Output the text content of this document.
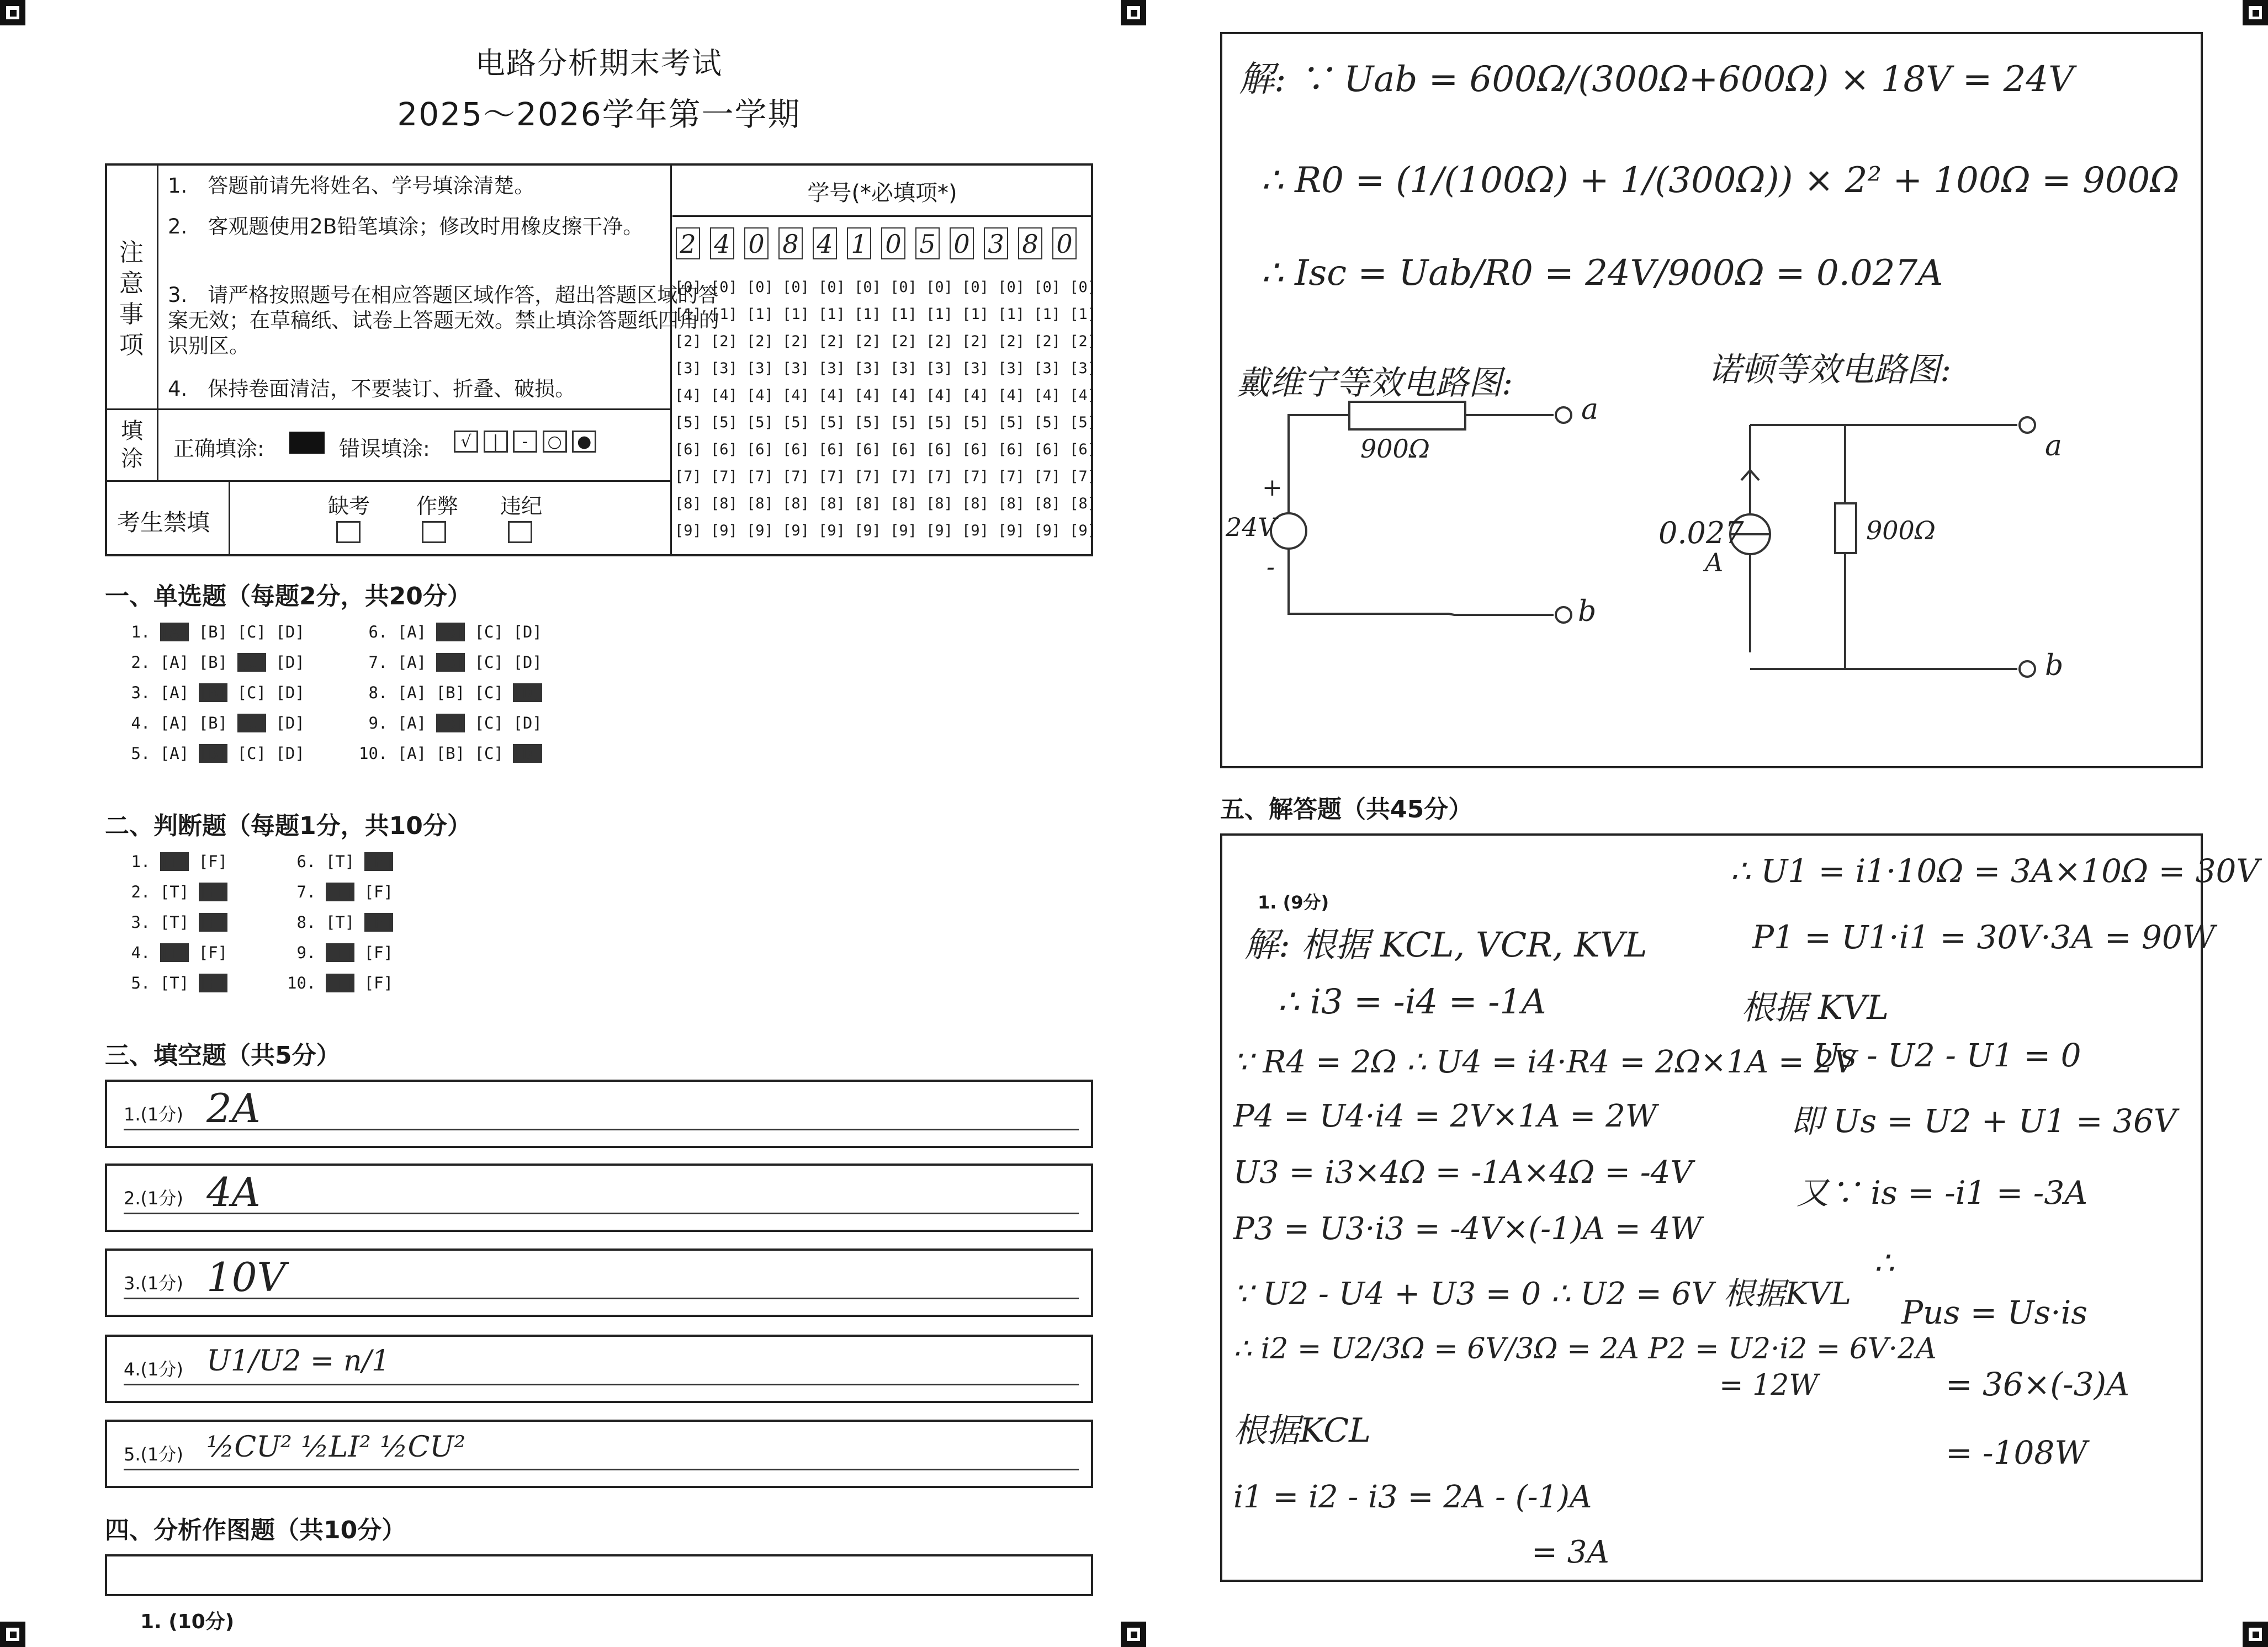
电路分析期末考试
2025～2026学年第一学期
注意事项
1.　答题前请先将姓名、学号填涂清楚。
2.　客观题使用2B铅笔填涂；修改时用橡皮擦干净。
3.　请严格按照题号在相应答题区域作答，超出答题区域的答案无效；在草稿纸、试卷上答题无效。禁止填涂答题纸四角的识别区。
4.　保持卷面清洁，不要装订、折叠、破损。
填涂 正确填涂:	错误填涂:	√ | - ○ ●
考生禁填
缺考 作弊 违纪
学号(*必填项*)
2 4 0 8 4 1 0 5 0 3 8 0
[0] [0] [0] [0] [0] [0] [0] [0] [0] [0] [0] [0]
[1] [1] [1] [1] [1] [1] [1] [1] [1] [1] [1] [1]
[2] [2] [2] [2] [2] [2] [2] [2] [2] [2] [2] [2]
[3] [3] [3] [3] [3] [3] [3] [3] [3] [3] [3] [3]
[4] [4] [4] [4] [4] [4] [4] [4] [4] [4] [4] [4]
[5] [5] [5] [5] [5] [5] [5] [5] [5] [5] [5] [5]
[6] [6] [6] [6] [6] [6] [6] [6] [6] [6] [6] [6]
[7] [7] [7] [7] [7] [7] [7] [7] [7] [7] [7] [7]
[8] [8] [8] [8] [8] [8] [8] [8] [8] [8] [8] [8]
[9] [9] [9] [9] [9] [9] [9] [9] [9] [9] [9] [9]
一、单选题（每题2分，共20分）
1. [A] [B] [C] [D]
2. [A] [B] [C] [D]
3. [A] [B] [C] [D]
4. [A] [B] [C] [D]
5. [A] [B] [C] [D]
6. [A] [B] [C] [D]
7. [A] [B] [C] [D]
8. [A] [B] [C] [D]
9. [A] [B] [C] [D]
10. [A] [B] [C] [D]
二、判断题（每题1分，共10分）
1. [T] [F]
2. [T] [F]
3. [T] [F]
4. [T] [F]
5. [T] [F]
6. [T] [F]
7. [T] [F]
8. [T] [F]
9. [T] [F]
10. [T] [F]
三、填空题（共5分）
1.(1分) 2A
2.(1分) 4A
3.(1分) 10V
4.(1分) U1/U2 = n/1
5.(1分) ½CU² ½LI² ½CU²
四、分析作图题（共10分）
1. (10分)
解: ∵ Uab = 600Ω/(300Ω+600Ω) × 18V = 24V
∴ R0 = (1/(100Ω) + 1/(300Ω)) × 2² + 100Ω = 900Ω
∴ Isc = Uab/R0 = 24V/900Ω = 0.027A
戴维宁等效电路图:	诺顿等效电路图:
900Ω
a
+
24V
-
b
0.027
A
900Ω
a
b
五、解答题（共45分）
1. (9分)
解: 根据 KCL, VCR, KVL
∴ i3 = -i4 = -1A
∵ R4 = 2Ω ∴ U4 = i4·R4 = 2Ω×1A = 2V
P4 = U4·i4 = 2V×1A = 2W
U3 = i3×4Ω = -1A×4Ω = -4V
P3 = U3·i3 = -4V×(-1)A = 4W
∵ U2 - U4 + U3 = 0 ∴ U2 = 6V 根据KVL
∴ i2 = U2/3Ω = 6V/3Ω = 2A P2 = U2·i2 = 6V·2A
= 12W
根据KCL
i1 = i2 - i3 = 2A - (-1)A
= 3A
∴ U1 = i1·10Ω = 3A×10Ω = 30V
P1 = U1·i1 = 30V·3A = 90W
根据 KVL
Us - U2 - U1 = 0
即 Us = U2 + U1 = 36V
又∵ is = -i1 = -3A
∴
Pus = Us·is
= 36×(-3)A
= -108W
